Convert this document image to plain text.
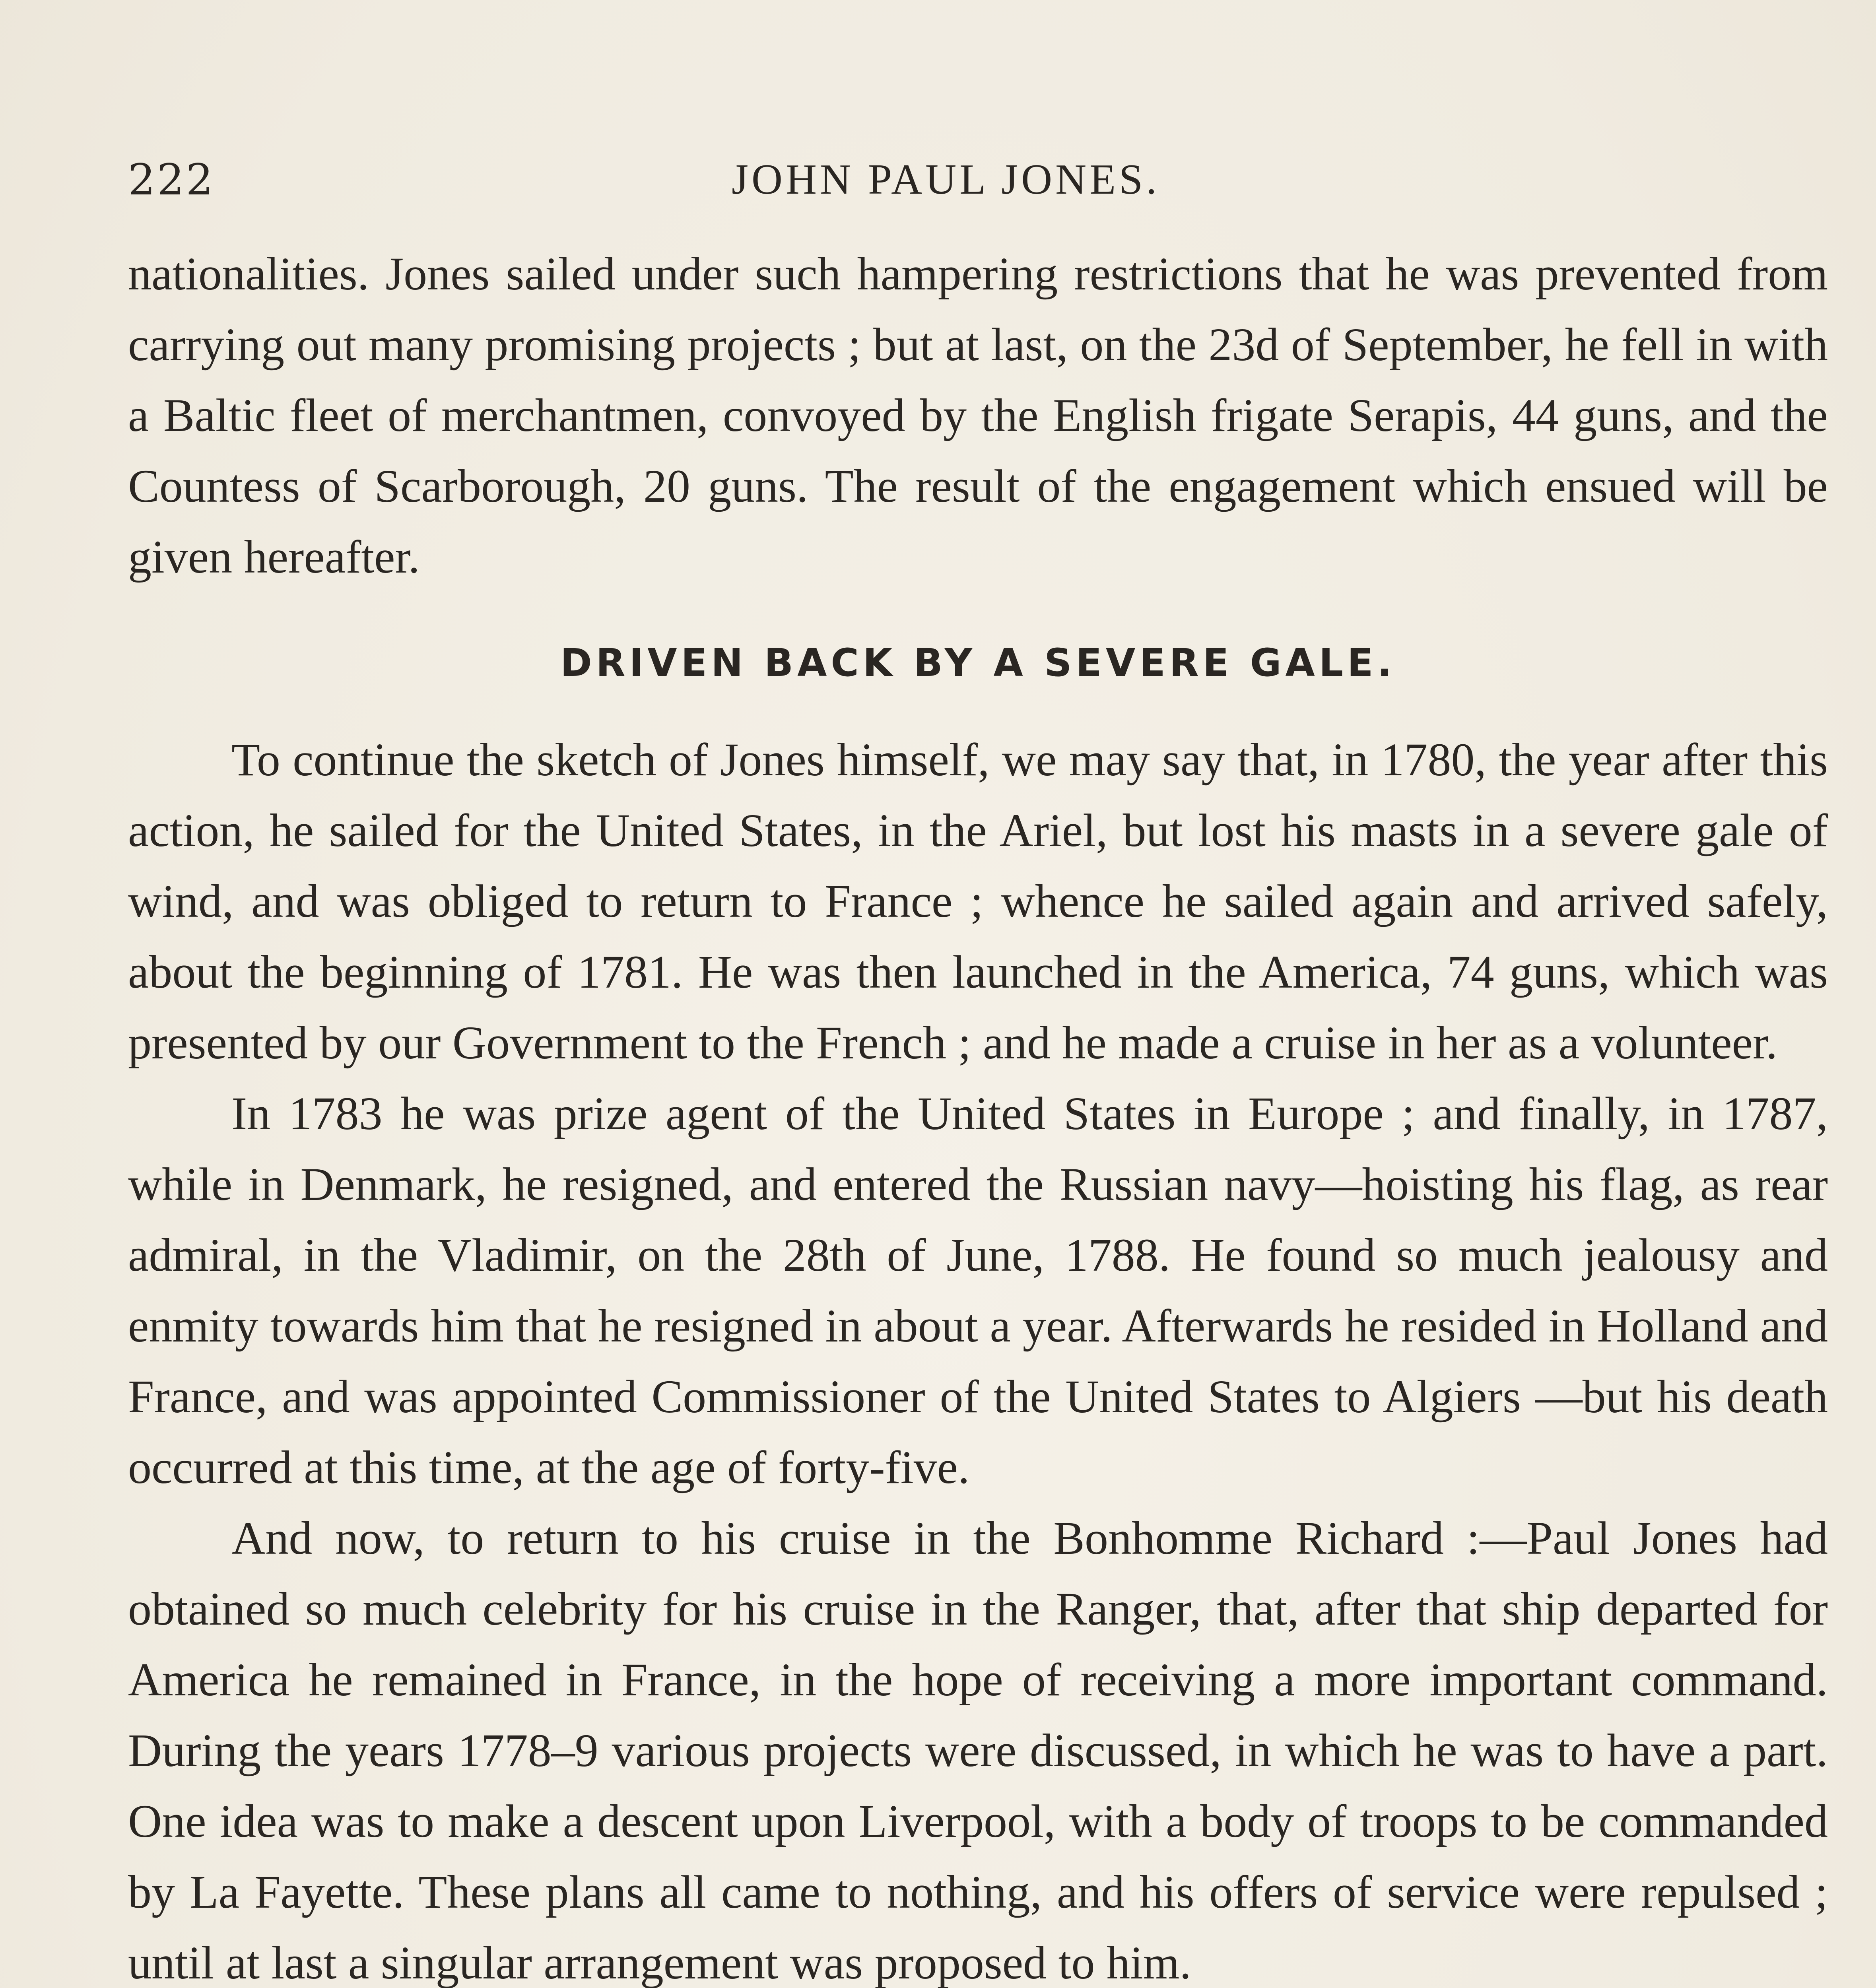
222	JOHN PAUL JONES.

nationalities. Jones sailed under such hampering restrictions that he was prevented from carrying out many promising projects ; but at last, on the 23d of September, he fell in with a Baltic fleet of merchantmen, convoyed by the English frigate Serapis, 44 guns, and the Countess of Scarborough, 20 guns. The result of the engagement which ensued will be given hereafter.

DRIVEN BACK BY A SEVERE GALE.

To continue the sketch of Jones himself, we may say that, in 1780, the year after this action, he sailed for the United States, in the Ariel, but lost his masts in a severe gale of wind, and was obliged to return to France ; whence he sailed again and arrived safely, about the beginning of 1781. He was then launched in the America, 74 guns, which was presented by our Government to the French ; and he made a cruise in her as a volunteer.

In 1783 he was prize agent of the United States in Europe ; and finally, in 1787, while in Denmark, he resigned, and entered the Russian navy—hoisting his flag, as rear admiral, in the Vladimir, on the 28th of June, 1788. He found so much jealousy and enmity towards him that he resigned in about a year. Afterwards he resided in Holland and France, and was appointed Commissioner of the United States to Algiers —but his death occurred at this time, at the age of forty-five.

And now, to return to his cruise in the Bonhomme Richard :—Paul Jones had obtained so much celebrity for his cruise in the Ranger, that, after that ship departed for America he remained in France, in the hope of receiving a more important command. During the years 1778–9 various projects were discussed, in which he was to have a part. One idea was to make a descent upon Liverpool, with a body of troops to be commanded by La Fayette. These plans all came to nothing, and his offers of service were repulsed ; until at last a singular arrangement was proposed to him.
